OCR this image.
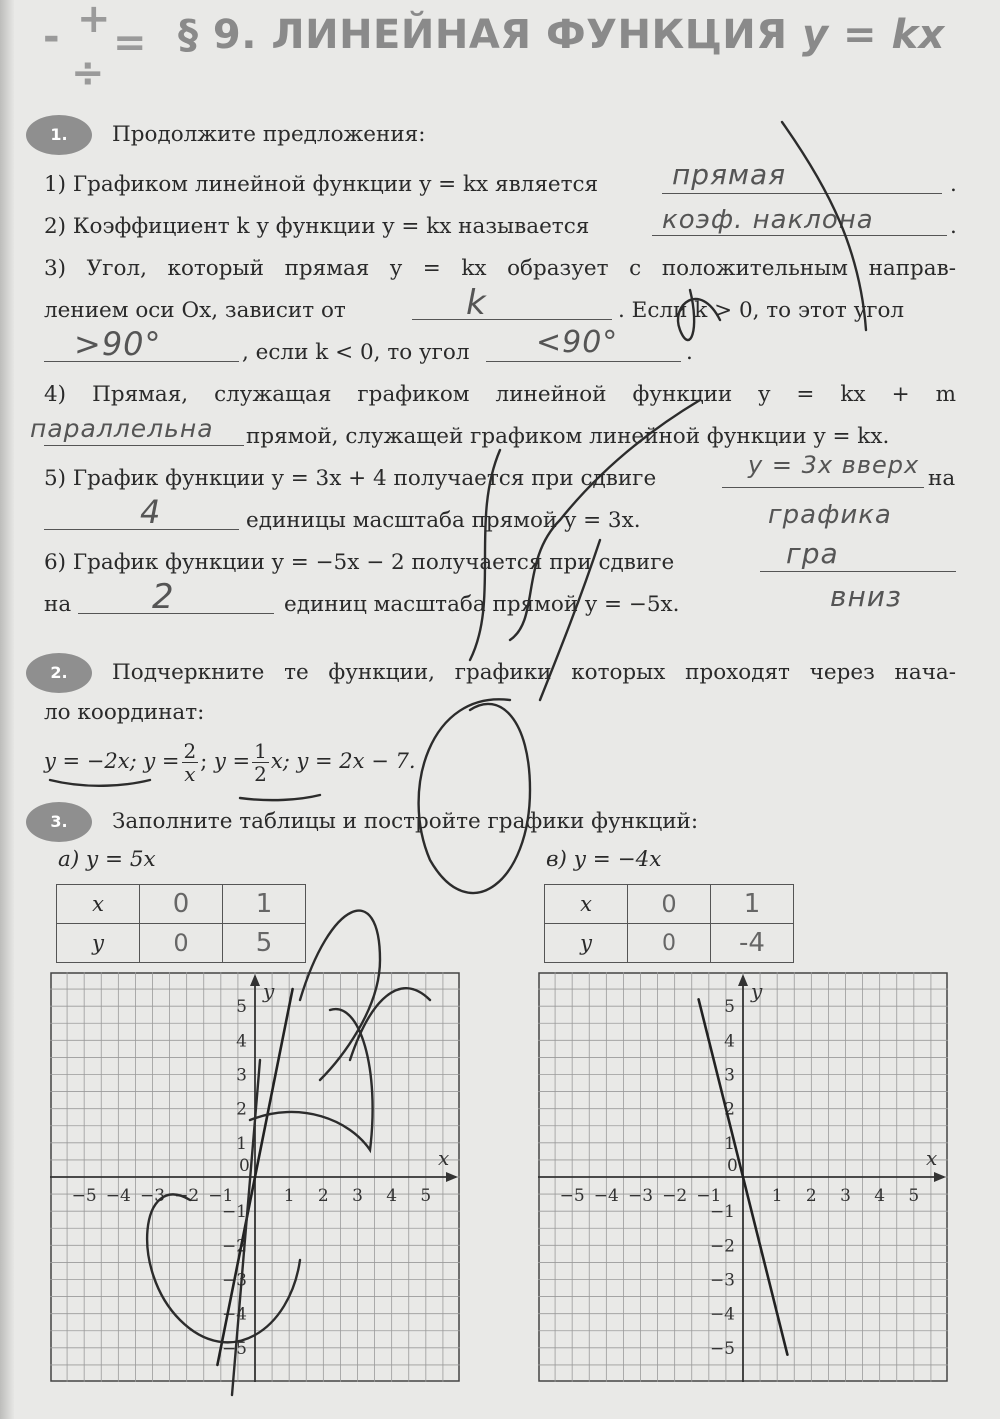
- +
=
÷
§ 9. ЛИНЕЙНАЯ ФУНКЦИЯ y = kx
1.	Продолжите предложения:
1) Графиком линейной функции y = kx является	.
прямая
2) Коэффициент k у функции y = kx называется	.
коэф. наклона
3) Угол, который прямая y = kx образует с положительным направ-
лением оси Ox, зависит от	k	. Если k > 0, то этот угол
>90°	, если k < 0, то угол <90°	.
4) Прямая, служащая графиком линейной функции y = kx + m
параллельна прямой, служащей графиком линейной функции y = kx.
5) График функции y = 3x + 4 получается при сдвиге	y = 3x вверх на
4	единицы масштаба прямой y = 3x.	графика
6) График функции y = −5x − 2 получается при сдвиге	гра
вниз
на 2	единиц масштаба прямой y = −5x.
2.	Подчеркните те функции, графики которых проходят через нача-
ло координат:
y = −2x; $y = \frac{2}{x}$ ; $y = \frac{1}{2} x$; y = 2x − 7.
3.	Заполните таблицы и постройте графики функций:
а) y = 5x	в) y = −4x
x	0	1
y	0	5
x	0	1
y	0	-4
x
y
0
−5 −4 −3 −2 −1	1 2 3 4 5
5
4
3
2
1
−1
−2
−3
−4
−5
x
y
0
−5 −4 −3 −2 −1	1 2 3 4 5
5
4
3
2
1
−1
−2
−3
−4
−5
